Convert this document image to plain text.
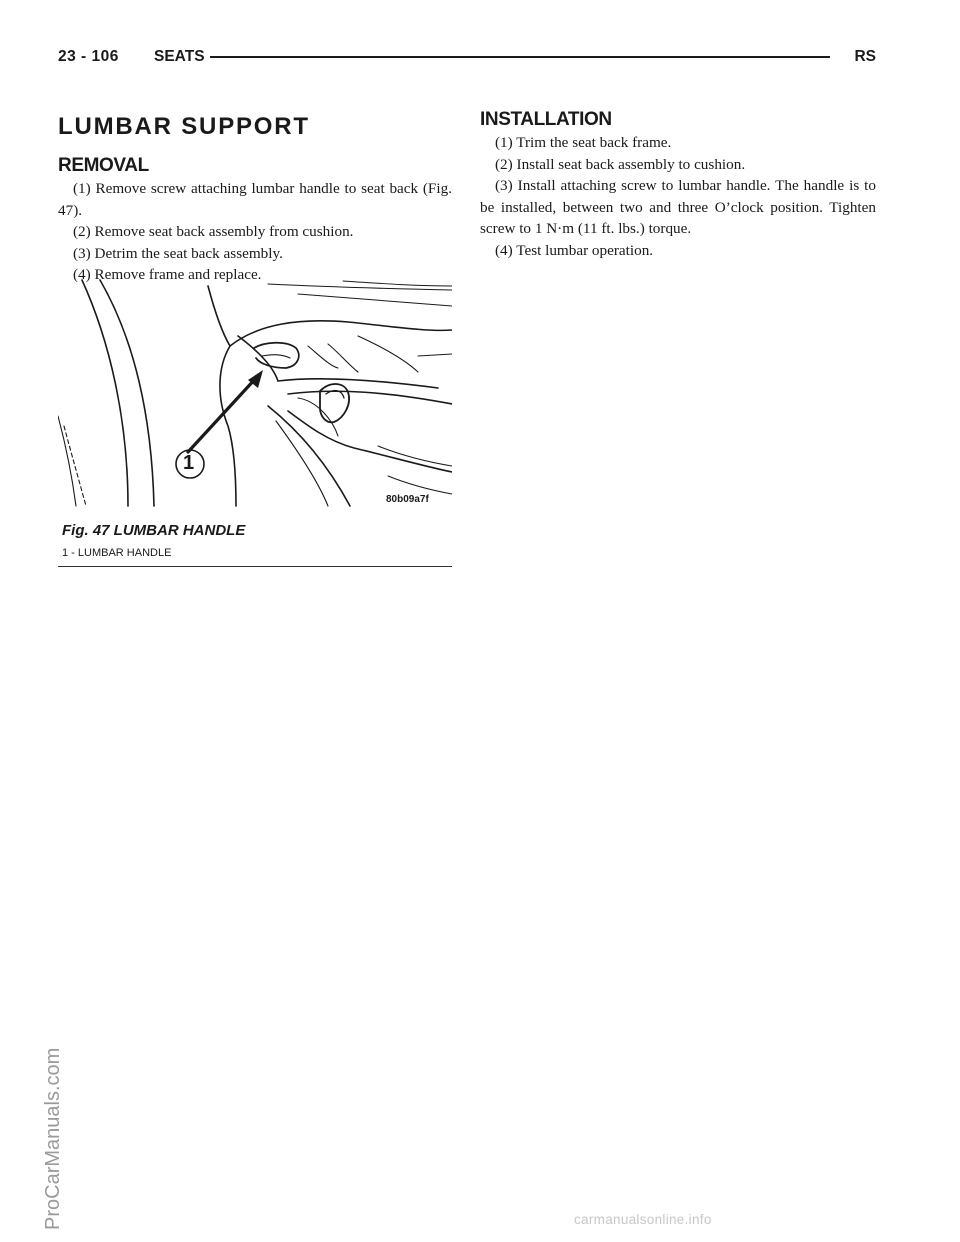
23 - 106 SEATS	RS
LUMBAR SUPPORT
REMOVAL

(1) Remove screw attaching lumbar handle to seat back (Fig. 47).

(2) Remove seat back assembly from cushion.

(3) Detrim the seat back assembly.

(4) Remove frame and replace.

1
80b09a7f
Fig. 47 LUMBAR HANDLE
1 - LUMBAR HANDLE
INSTALLATION

(1) Trim the seat back frame.

(2) Install seat back assembly to cushion.

(3) Install attaching screw to lumbar handle. The handle is to be installed, between two and three O’clock position. Tighten screw to 1 N·m (11 ft. lbs.) torque.

(4) Test lumbar operation.

ProCarManuals.com	carmanualsonline.info
